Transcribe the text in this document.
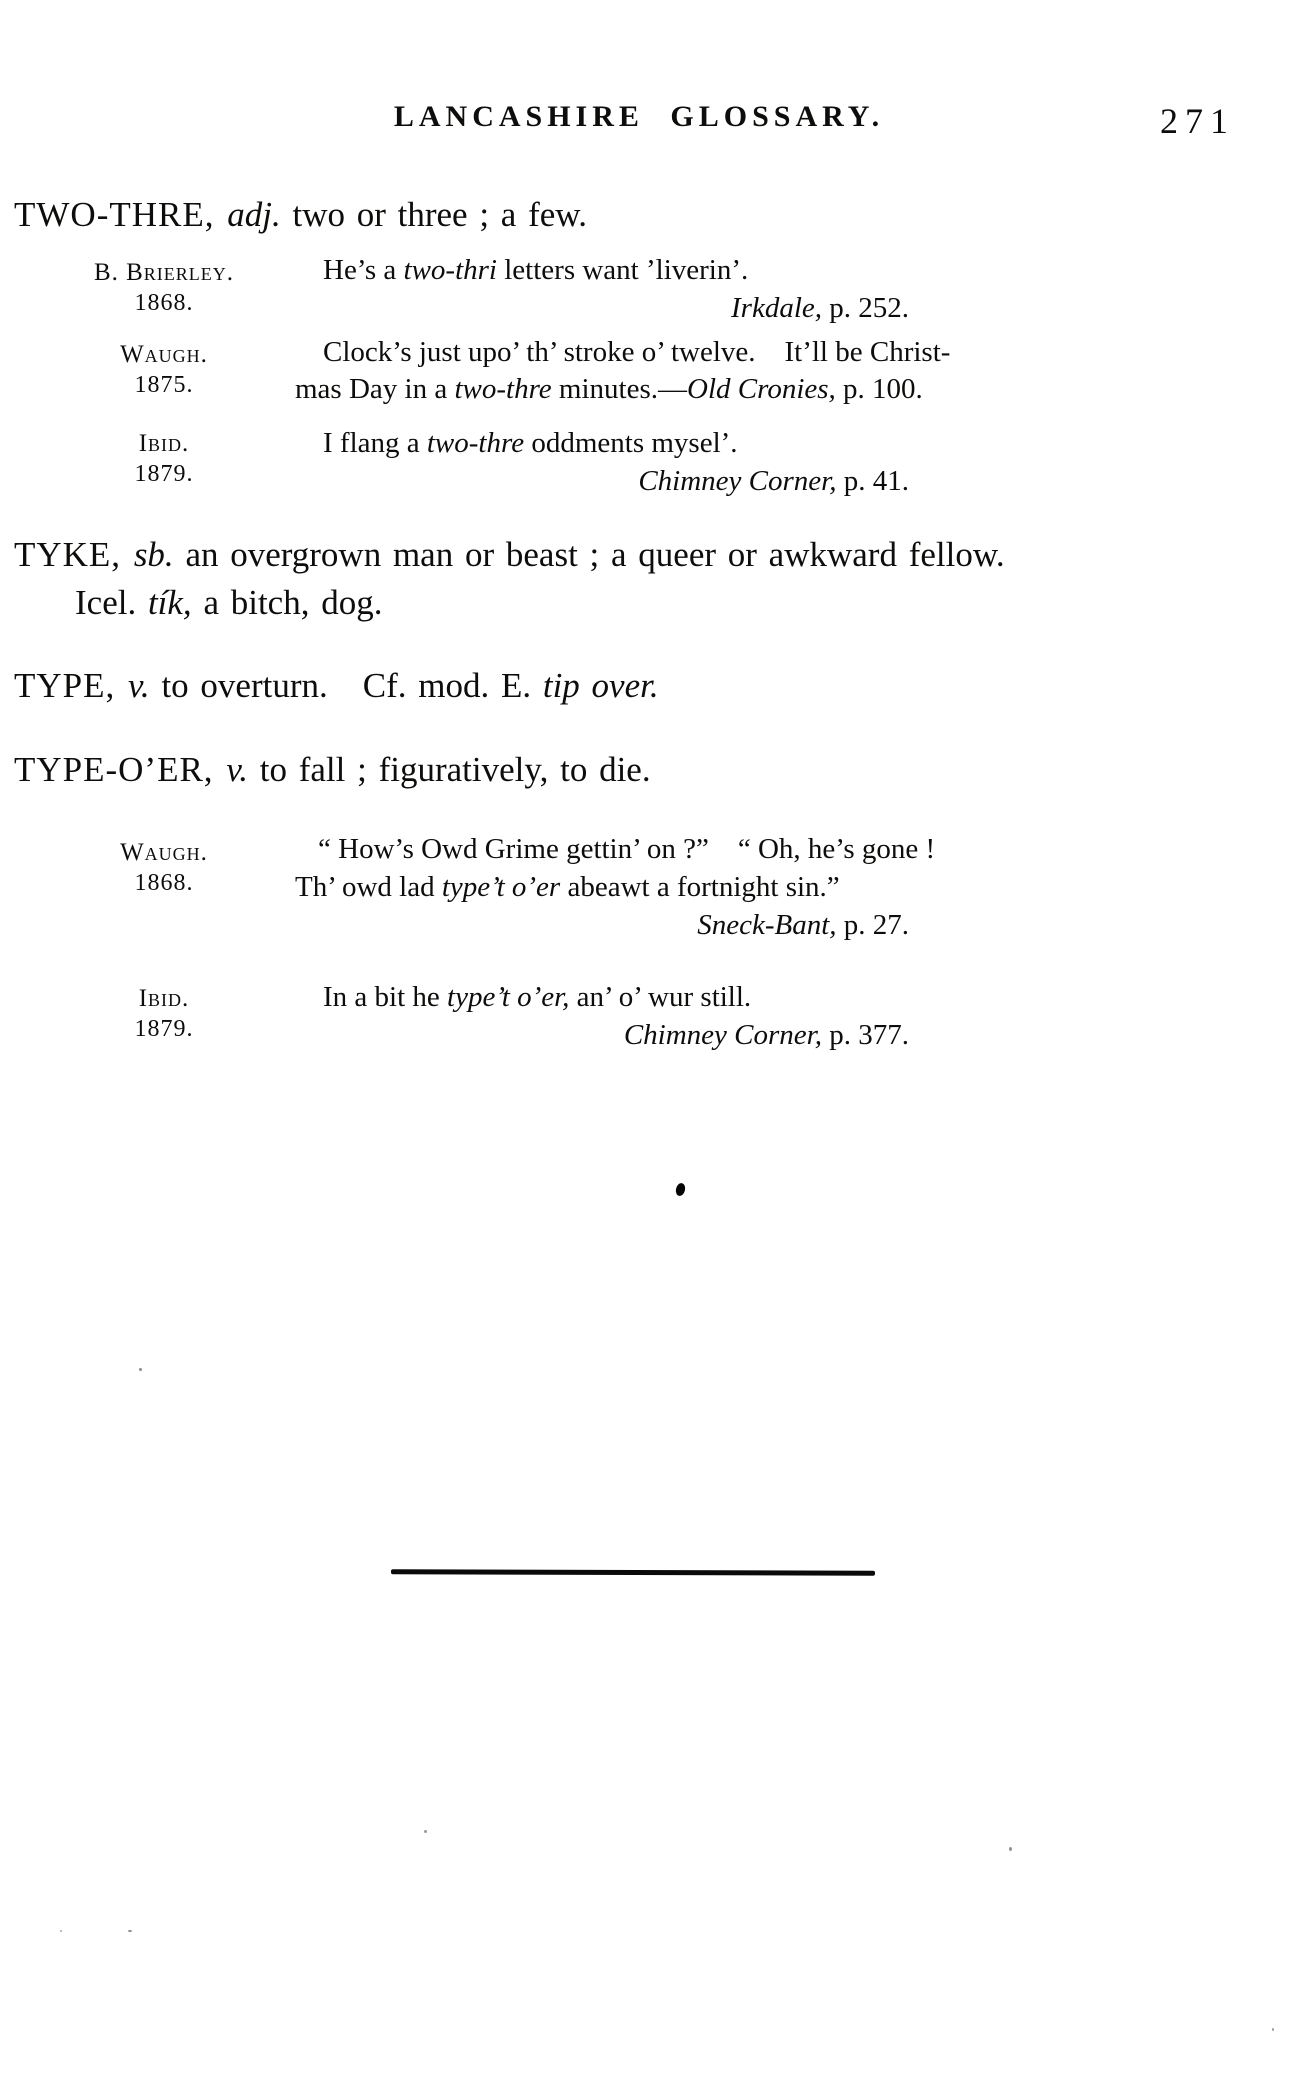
LANCASHIRE GLOSSARY.	271
TWO-THRE, adj. two or three ; a few.
B. Brierley.
1868.
He’s a two-thri letters want ’liverin’.
Irkdale, p. 252.
Waugh.
1875.
Clock’s just upo’ th’ stroke o’ twelve. It’ll be Christ-
mas Day in a two-thre minutes.—Old Cronies, p. 100.
Ibid.
1879.
I flang a two-thre oddments mysel’.
Chimney Corner, p. 41.
TYKE, sb. an overgrown man or beast ; a queer or awkward fellow.
Icel. tík, a bitch, dog.
TYPE, v. to overturn. Cf. mod. E. tip over.
TYPE-O’ER, v. to fall ; figuratively, to die.
Waugh.
1868.
“ How’s Owd Grime gettin’ on ?” “ Oh, he’s gone !
Th’ owd lad type’t o’er abeawt a fortnight sin.”
Sneck-Bant, p. 27.
Ibid.
1879.
In a bit he type’t o’er, an’ o’ wur still.
Chimney Corner, p. 377.
